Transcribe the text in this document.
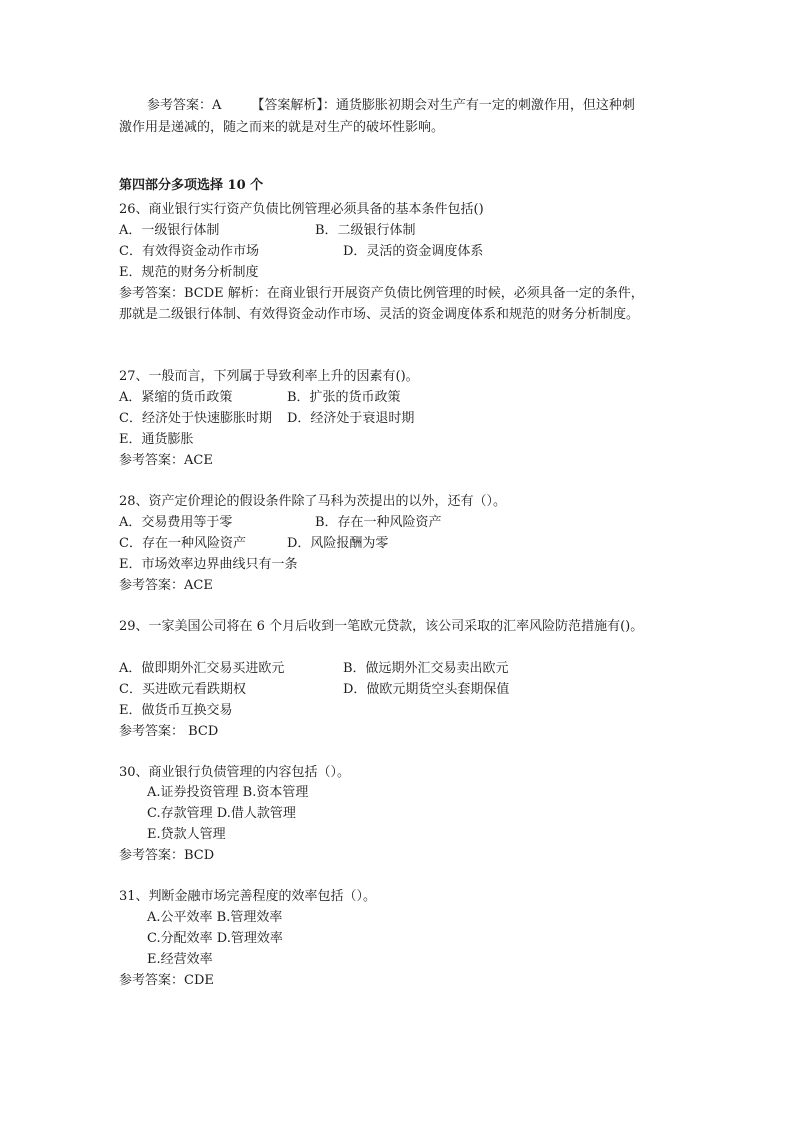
参考答案：A 【答案解析】：通货膨胀初期会对生产有一定的刺激作用，但这种刺
激作用是递减的，随之而来的就是对生产的破坏性影响。
第四部分多项选择 10 个
26、商业银行实行资产负债比例管理必须具备的基本条件包括()
A．一级银行体制	B．二级银行体制
C．有效得资金动作市场	D．灵活的资金调度体系
E．规范的财务分析制度
参考答案：BCDE 解析：在商业银行开展资产负债比例管理的时候，必须具备一定的条件，
那就是二级银行体制、有效得资金动作市场、灵活的资金调度体系和规范的财务分析制度。
27、一般而言，下列属于导致利率上升的因素有()。
A．紧缩的货币政策	B．扩张的货币政策
C．经济处于快速膨胀时期 D．经济处于衰退时期
E．通货膨胀
参考答案：ACE
28、资产定价理论的假设条件除了马科为茨提出的以外，还有（）。
A．交易费用等于零	B．存在一种风险资产
C．存在一种风险资产	D．风险报酬为零
E．市场效率边界曲线只有一条
参考答案：ACE
29、一家美国公司将在 6 个月后收到一笔欧元贷款，该公司采取的汇率风险防范措施有()。
A．做即期外汇交易买进欧元	B．做远期外汇交易卖出欧元
C．买进欧元看跌期权	D．做欧元期货空头套期保值
E．做货币互换交易
参考答案： BCD
30、商业银行负债管理的内容包括（）。
A.证券投资管理 B.资本管理
C.存款管理 D.借人款管理
E.贷款人管理
参考答案：BCD
31、判断金融市场完善程度的效率包括（）。
A.公平效率 B.管理效率
C.分配效率 D.管理效率
E.经营效率
参考答案：CDE
